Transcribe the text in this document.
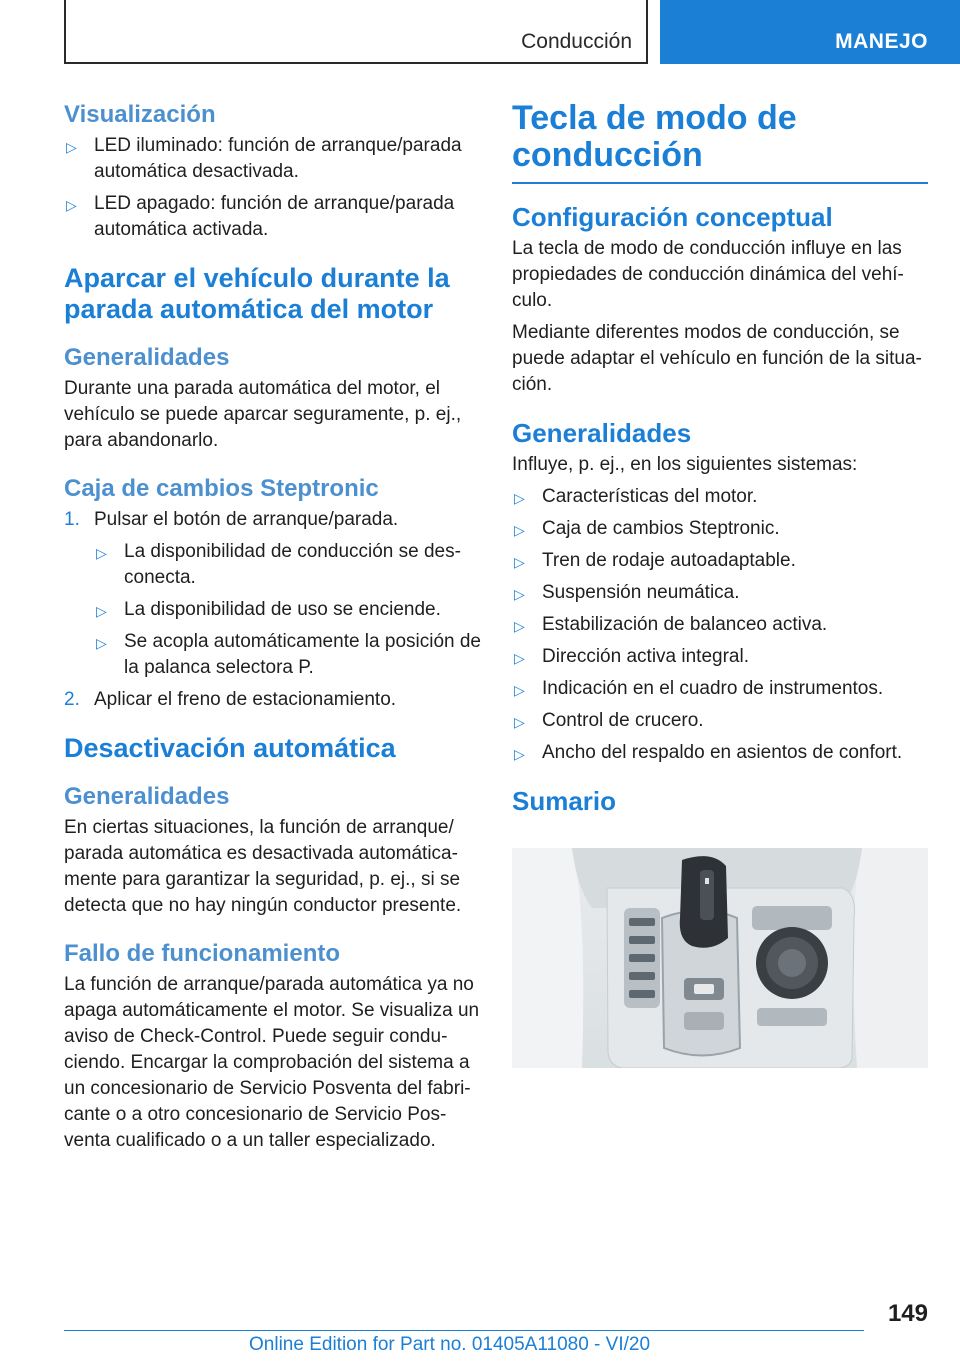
Conducción	MANEJO
Visualización
▷ LED iluminado: función de arranque/parada automática desactivada.
▷ LED apagado: función de arranque/parada automática activada.
Aparcar el vehículo durante la parada automática del motor
Generalidades

Durante una parada automática del motor, el vehículo se puede aparcar seguramente, p. ej., para abandonarlo.

Caja de cambios Steptronic
1. Pulsar el botón de arranque/parada.
▷ La disponibilidad de conducción se desconecta.
▷ La disponibilidad de uso se enciende.
▷ Se acopla automáticamente la posición de la palanca selectora P.
2. Aplicar el freno de estacionamiento.
Desactivación automática
Generalidades

En ciertas situaciones, la función de arranque/ parada automática es desactivada automáticamente para garantizar la seguridad, p. ej., si se detecta que no hay ningún conductor presente.

Fallo de funcionamiento

La función de arranque/parada automática ya no apaga automáticamente el motor. Se visualiza un aviso de Check-Control. Puede seguir conduciendo. Encargar la comprobación del sistema a un concesionario de Servicio Posventa del fabricante o a otro concesionario de Servicio Posventa cualificado o a un taller especializado.

Tecla de modo de conducción
Configuración conceptual

La tecla de modo de conducción influye en las propiedades de conducción dinámica del vehículo.

Mediante diferentes modos de conducción, se puede adaptar el vehículo en función de la situación.

Generalidades

Influye, p. ej., en los siguientes sistemas:

▷ Características del motor.
▷ Caja de cambios Steptronic.
▷ Tren de rodaje autoadaptable.
▷ Suspensión neumática.
▷ Estabilización de balanceo activa.
▷ Dirección activa integral.
▷ Indicación en el cuadro de instrumentos.
▷ Control de crucero.
▷ Ancho del respaldo en asientos de confort.
Sumario
149
Online Edition for Part no. 01405A11080 - VI/20
